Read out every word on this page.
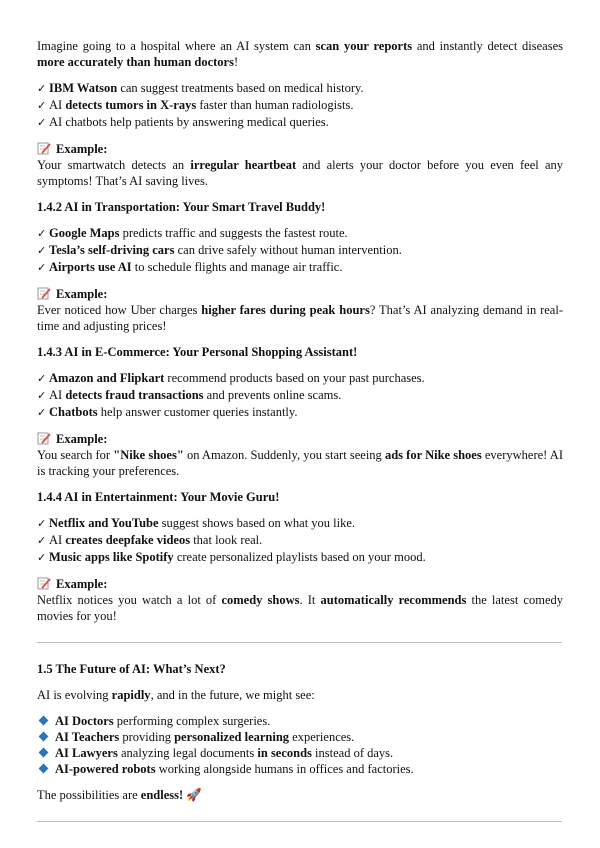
Imagine going to a hospital where an AI system can scan your reports and instantly detect diseases more accurately than human doctors!

✓ IBM Watson can suggest treatments based on medical history.

✓ AI detects tumors in X-rays faster than human radiologists.

✓ AI chatbots help patients by answering medical queries.

Example:

Your smartwatch detects an irregular heartbeat and alerts your doctor before you even feel any symptoms! That’s AI saving lives.

1.4.2 AI in Transportation: Your Smart Travel Buddy!

✓ Google Maps predicts traffic and suggests the fastest route.

✓ Tesla’s self-driving cars can drive safely without human intervention.

✓ Airports use AI to schedule flights and manage air traffic.

Example:

Ever noticed how Uber charges higher fares during peak hours? That’s AI analyzing demand in real-time and adjusting prices!

1.4.3 AI in E-Commerce: Your Personal Shopping Assistant!

✓ Amazon and Flipkart recommend products based on your past purchases.

✓ AI detects fraud transactions and prevents online scams.

✓ Chatbots help answer customer queries instantly.

Example:

You search for "Nike shoes" on Amazon. Suddenly, you start seeing ads for Nike shoes everywhere! AI is tracking your preferences.

1.4.4 AI in Entertainment: Your Movie Guru!

✓ Netflix and YouTube suggest shows based on what you like.

✓ AI creates deepfake videos that look real.

✓ Music apps like Spotify create personalized playlists based on your mood.

Example:

Netflix notices you watch a lot of comedy shows. It automatically recommends the latest comedy movies for you!

1.5 The Future of AI: What’s Next?

AI is evolving rapidly, and in the future, we might see:

AI Doctors performing complex surgeries.

AI Teachers providing personalized learning experiences.

AI Lawyers analyzing legal documents in seconds instead of days.

AI-powered robots working alongside humans in offices and factories.

The possibilities are endless! 🚀
